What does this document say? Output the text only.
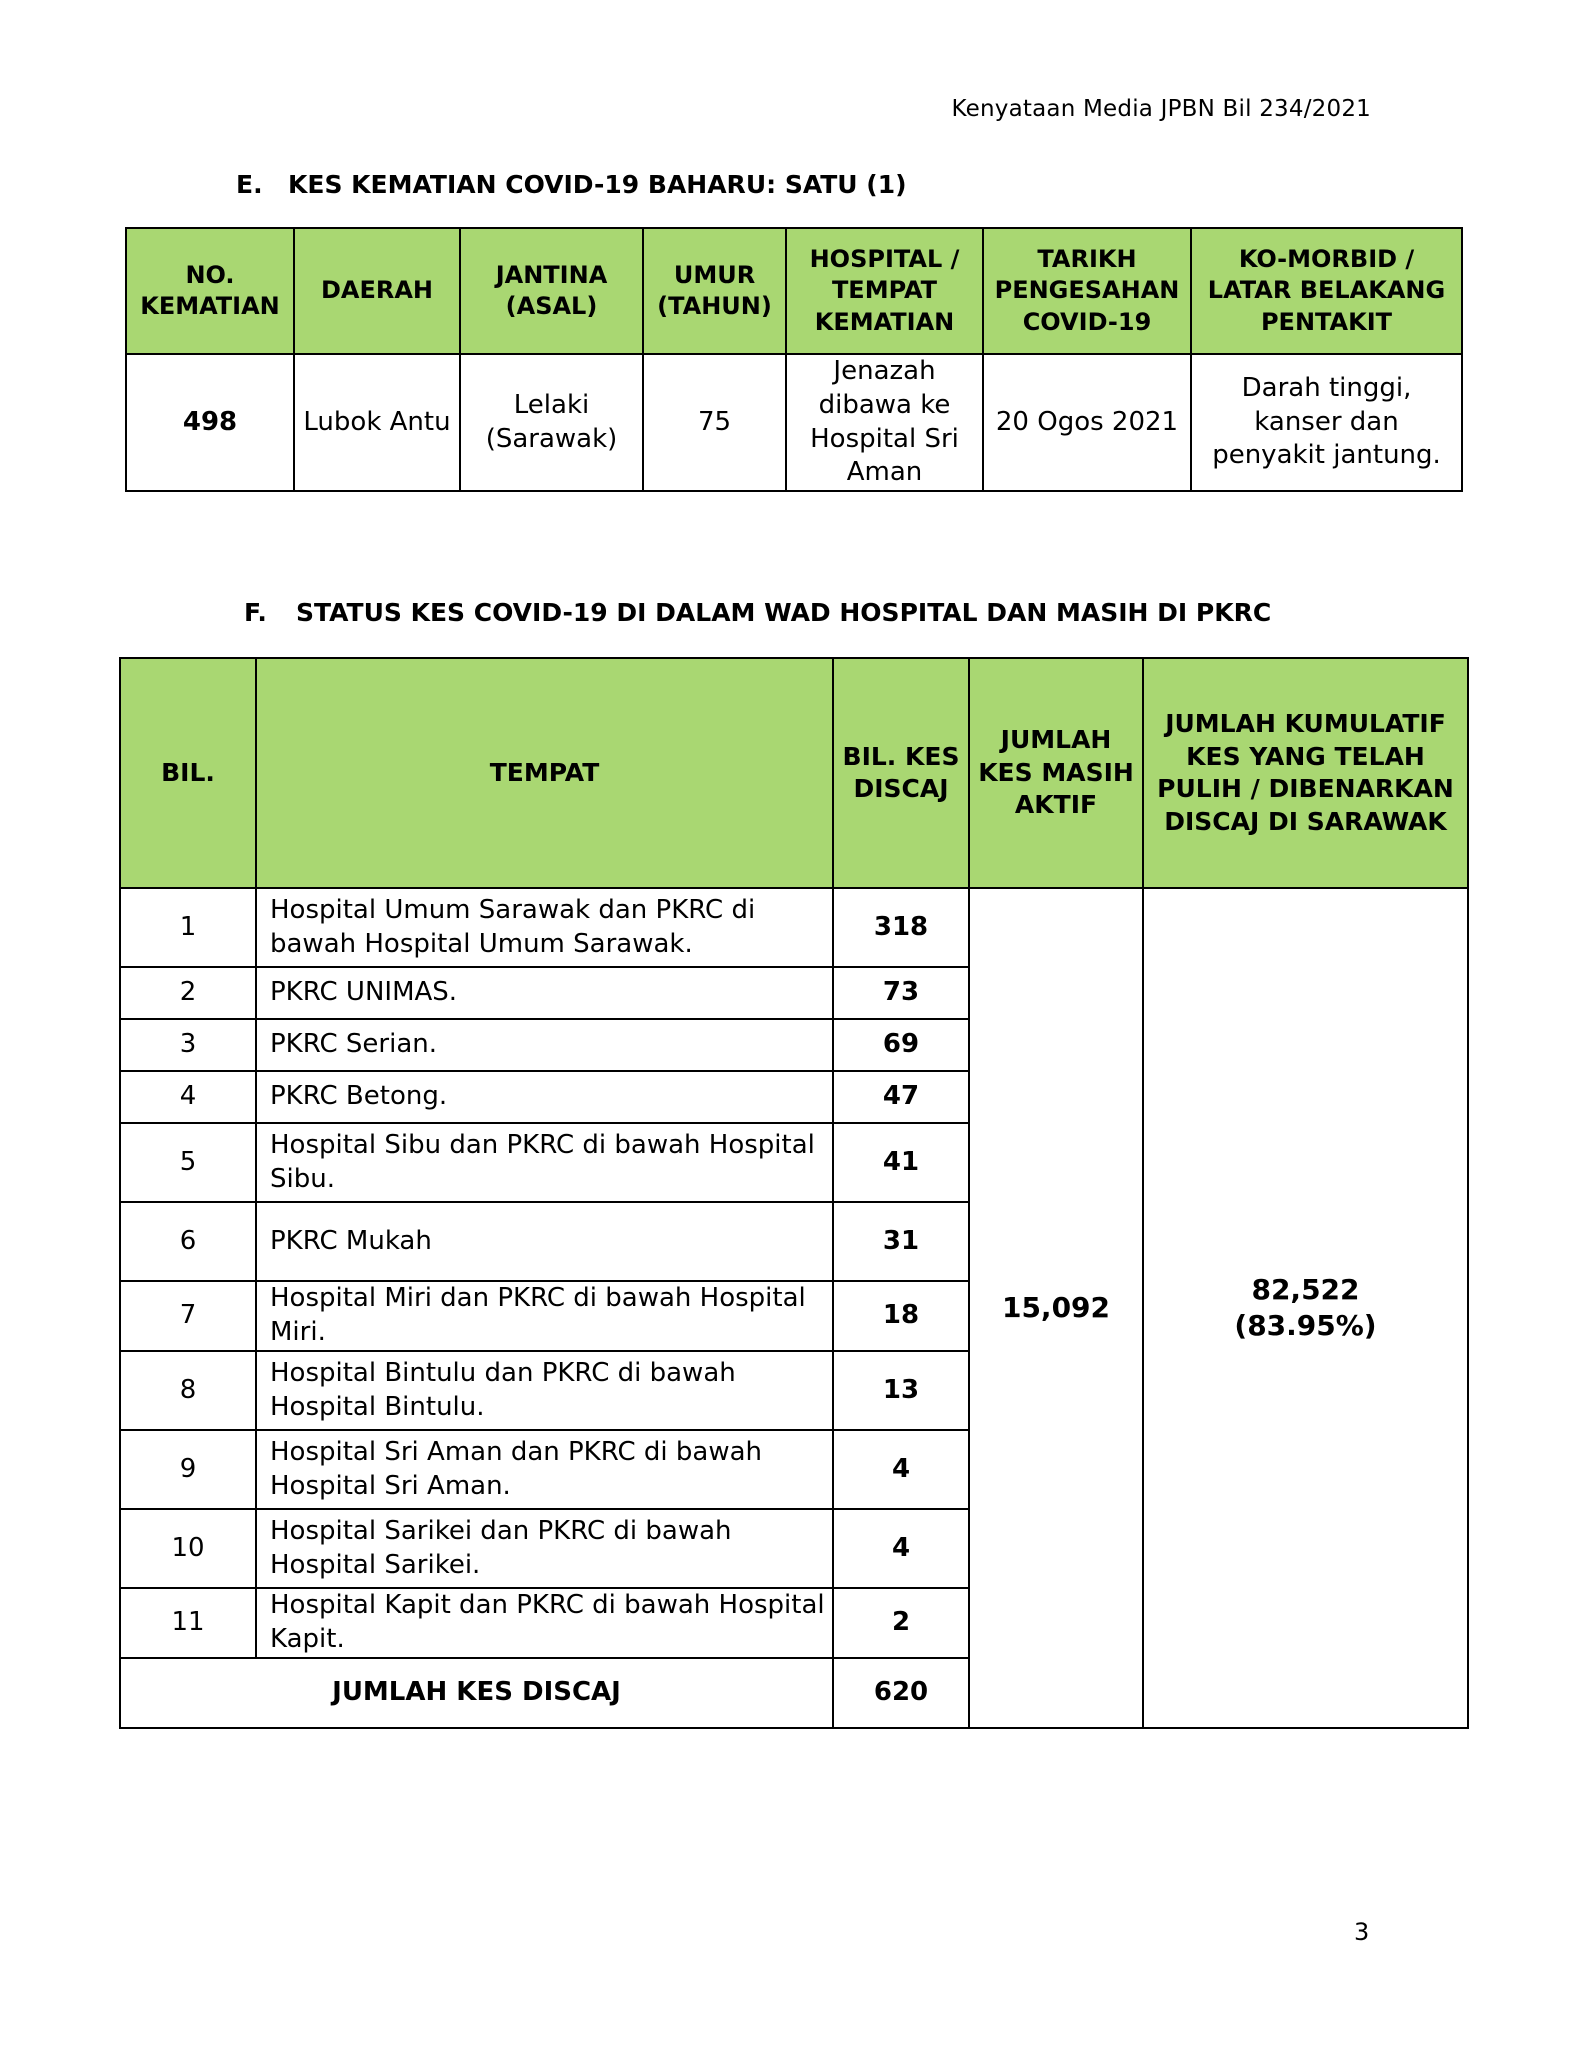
Kenyataan Media JPBN Bil 234/2021
E. KES KEMATIAN COVID-19 BAHARU: SATU (1)
NO. KEMATIAN	DAERAH	JANTINA (ASAL)	UMUR (TAHUN)	HOSPITAL / TEMPAT KEMATIAN	TARIKH PENGESAHAN COVID-19	KO-MORBID / LATAR BELAKANG PENTAKIT
498	Lubok Antu	Lelaki (Sarawak)	75	Jenazah dibawa ke Hospital Sri Aman	20 Ogos 2021	Darah tinggi, kanser dan penyakit jantung.
F. STATUS KES COVID-19 DI DALAM WAD HOSPITAL DAN MASIH DI PKRC
BIL.	TEMPAT	BIL. KES DISCAJ	JUMLAH KES MASIH AKTIF	JUMLAH KUMULATIF KES YANG TELAH PULIH / DIBENARKAN DISCAJ DI SARAWAK
1	Hospital Umum Sarawak dan PKRC di bawah Hospital Umum Sarawak.	318	15,092	82,522
(83.95%)

2	PKRC UNIMAS.	73		
3	PKRC Serian.	69		
4	PKRC Betong.	47		
5	Hospital Sibu dan PKRC di bawah Hospital Sibu.	41		
6	PKRC Mukah	31		
7	Hospital Miri dan PKRC di bawah Hospital Miri.	18		
8	Hospital Bintulu dan PKRC di bawah Hospital Bintulu.	13		
9	Hospital Sri Aman dan PKRC di bawah Hospital Sri Aman.	4		
10	Hospital Sarikei dan PKRC di bawah Hospital Sarikei.	4		
11	Hospital Kapit dan PKRC di bawah Hospital Kapit.	2		
JUMLAH KES DISCAJ		620		
3
